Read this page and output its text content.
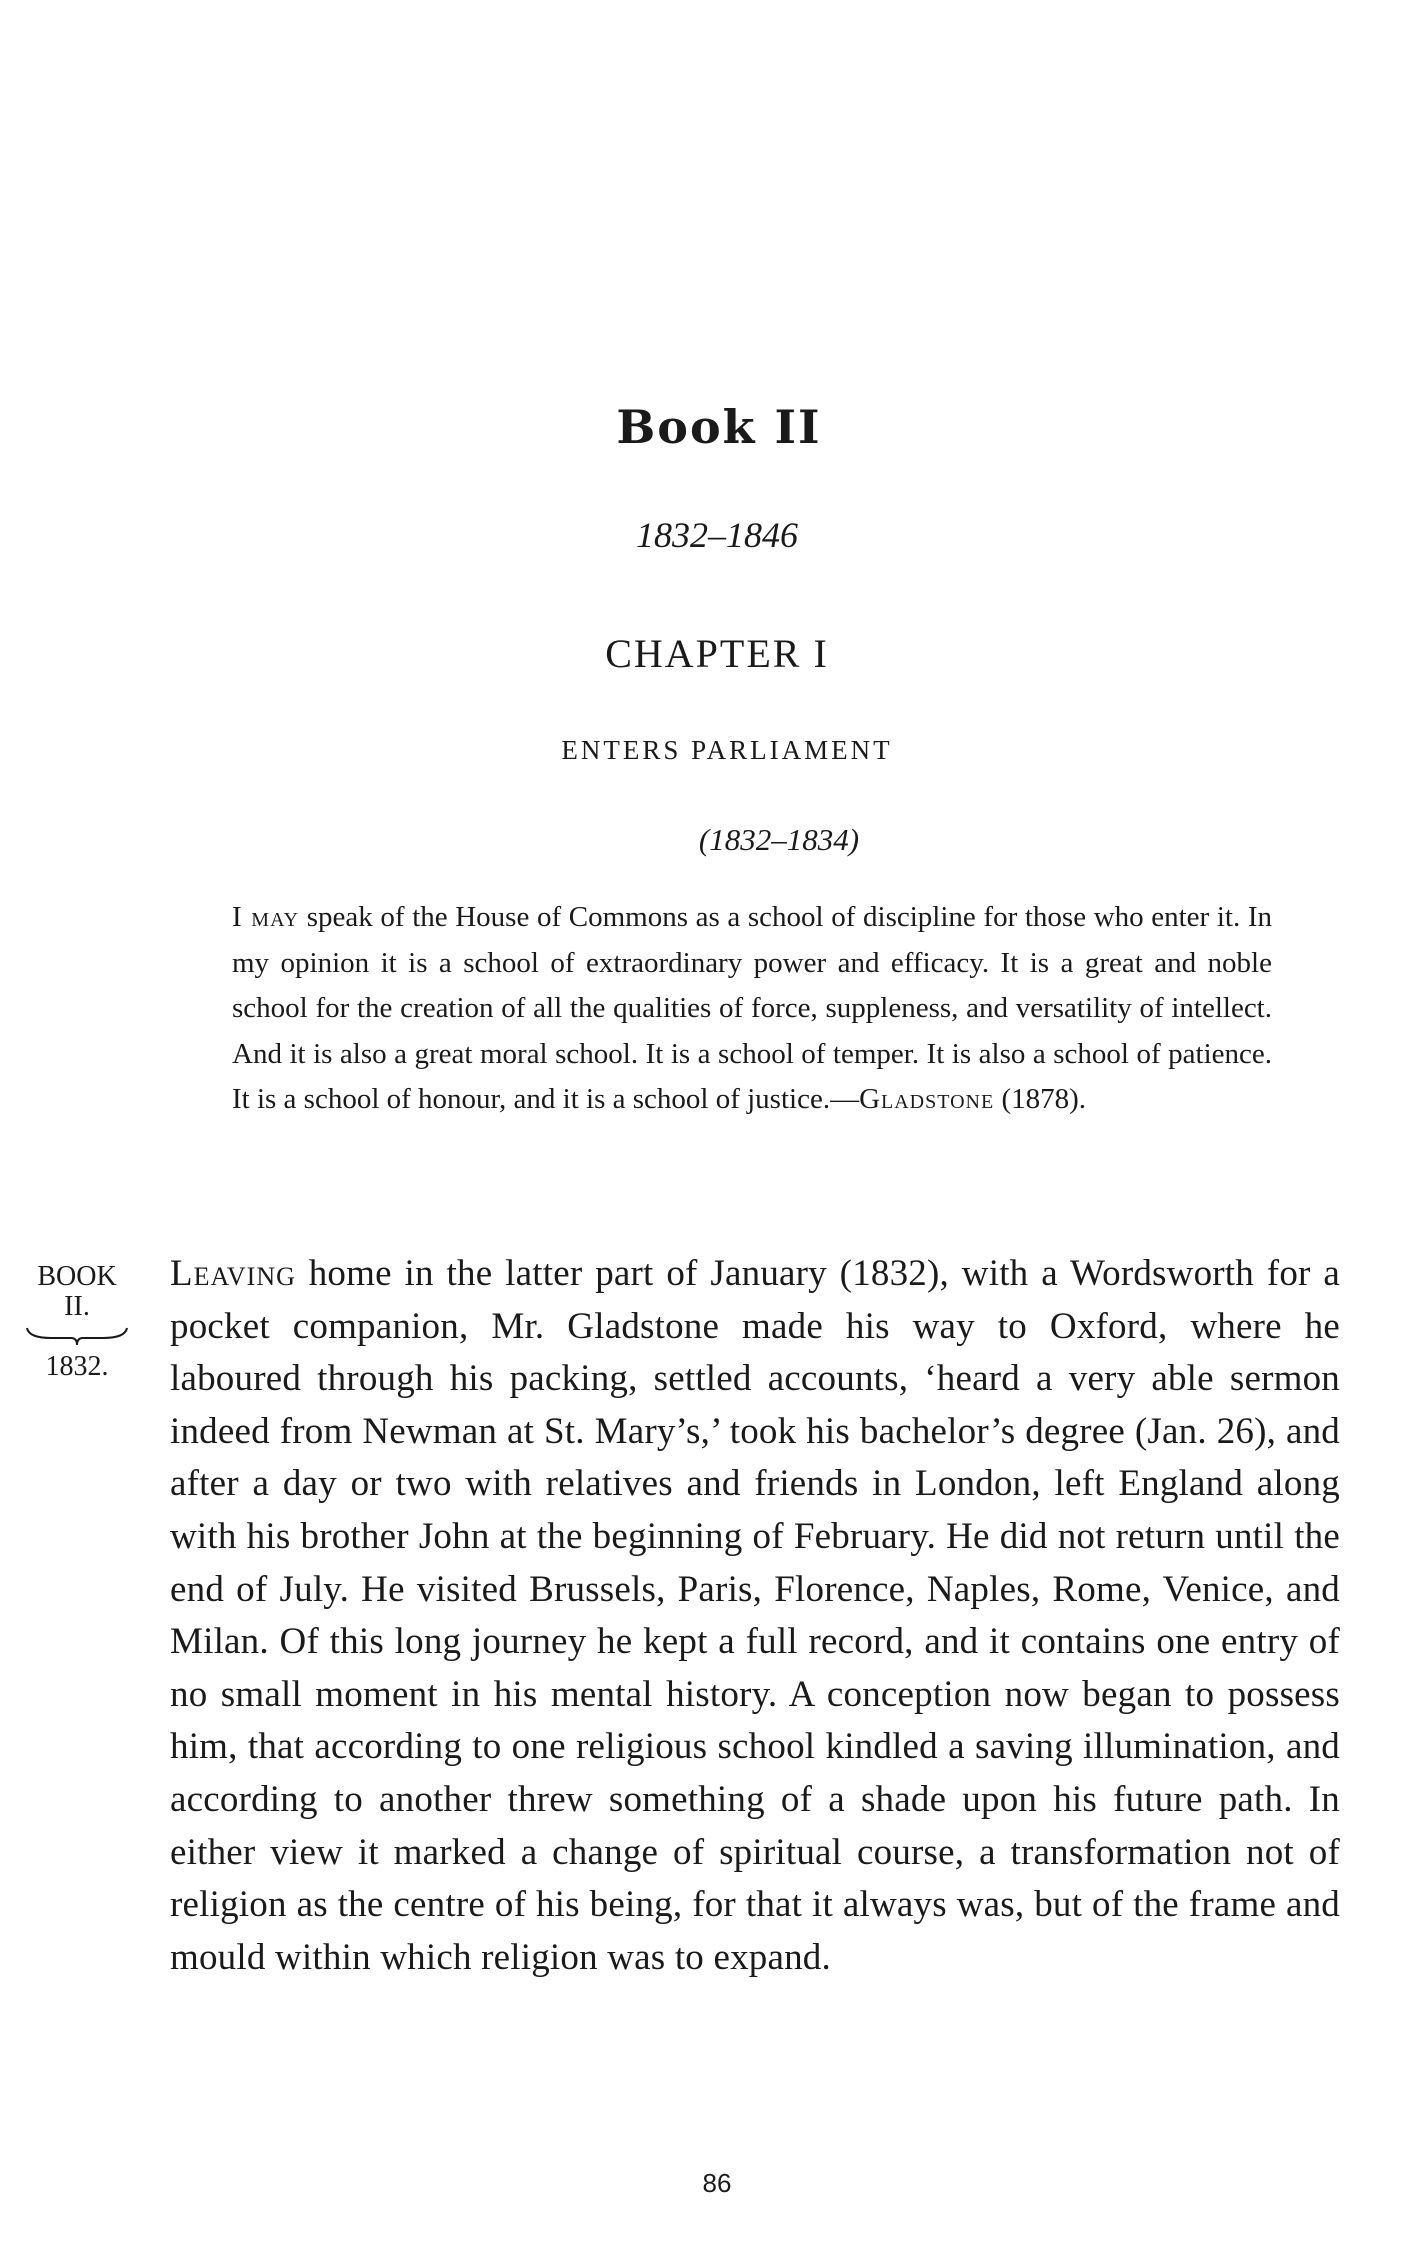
Book II
1832–1846
CHAPTER I
ENTERS PARLIAMENT
(1832–1834)
I may speak of the House of Commons as a school of discipline for those who enter it. In my opinion it is a school of extraordinary power and efficacy. It is a great and noble school for the creation of all the qualities of force, suppleness, and versatility of intellect. And it is also a great moral school. It is a school of temper. It is also a school of patience. It is a school of honour, and it is a school of justice.—Gladstone (1878).
BOOK
II.
1832.
Leaving home in the latter part of January (1832), with a Wordsworth for a pocket companion, Mr. Gladstone made his way to Oxford, where he laboured through his packing, settled accounts, ‘heard a very able sermon indeed from Newman at St. Mary’s,’ took his bachelor’s degree (Jan. 26), and after a day or two with relatives and friends in London, left England along with his brother John at the beginning of February. He did not return until the end of July. He visited Brussels, Paris, Florence, Naples, Rome, Venice, and Milan. Of this long journey he kept a full record, and it contains one entry of no small moment in his mental history. A conception now began to possess him, that according to one religious school kindled a saving illumination, and according to another threw something of a shade upon his future path. In either view it marked a change of spiritual course, a transformation not of religion as the centre of his being, for that it always was, but of the frame and mould within which religion was to expand.
86
